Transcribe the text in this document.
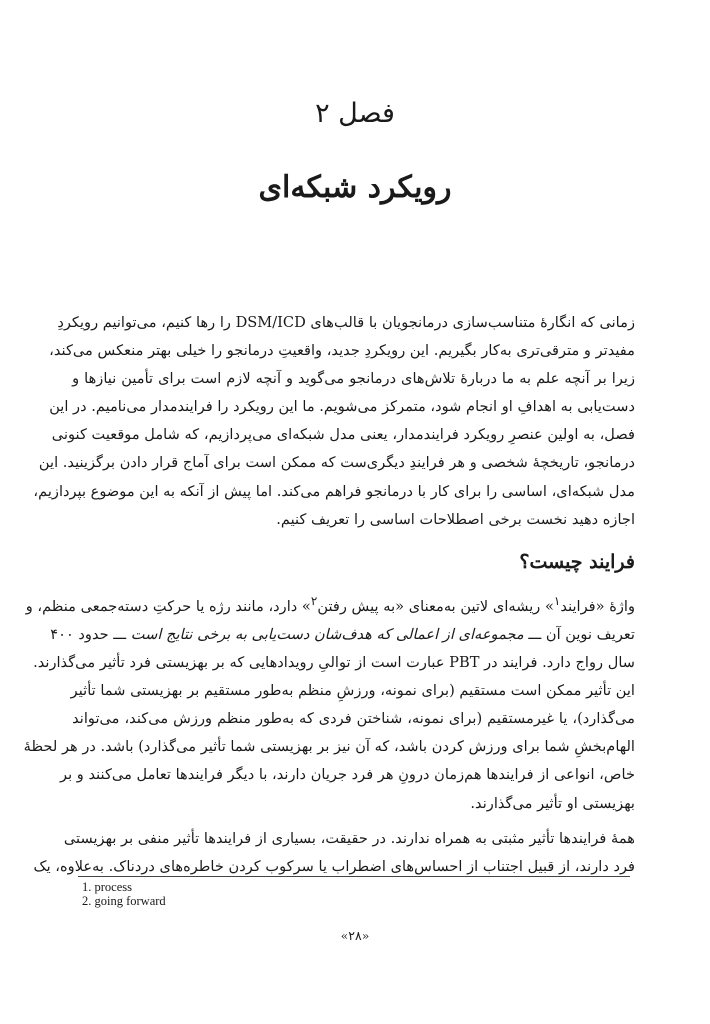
فصل ۲
رویکرد شبکه‌ای
زمانی که انگارهٔ متناسب‌سازی درمانجویان با قالب‌های DSM/ICD را رها کنیم، می‌توانیم رویکردِ
مفیدتر و مترقی‌تری به‌کار بگیریم. این رویکردِ جدید، واقعیتِ درمانجو را خیلی بهتر منعکس می‌کند،
زیرا بر آنچه علم به ما دربارهٔ تلاش‌های درمانجو می‌گوید و آنچه لازم است برای تأمین نیازها و
دست‌یابی به اهدافِ او انجام شود، متمرکز می‌شویم. ما این رویکرد را فرایندمدار می‌نامیم. در این
فصل، به اولین عنصرِ رویکرد فرایندمدار، یعنی مدل شبکه‌ای می‌پردازیم، که شامل موقعیت کنونی
درمانجو، تاریخچهٔ شخصی و هر فرایندِ دیگری‌ست که ممکن است برای آماج قرار دادن برگزینید. این
مدل شبکه‌ای، اساسی را برای کار با درمانجو فراهم می‌کند. اما پیش از آنکه به این موضوع بپردازیم،
اجازه دهید نخست برخی اصطلاحات اساسی را تعریف کنیم.
فرایند چیست؟
واژهٔ «فرایند$^۱$» ریشه‌ای لاتین به‌معنای «به پیش رفتن$^۲$» دارد، مانند رژه یا حرکتِ دسته‌جمعی منظم، و
تعریف نوین آن ـــ مجموعه‌ای از اعمالی که هدف‌شان دست‌یابی به برخی نتایج است ـــ حدود ۴۰۰
سال رواج دارد. فرایند در PBT عبارت است از توالیِ رویدادهایی که بر بهزیستی فرد تأثیر می‌گذارند.
این تأثیر ممکن است مستقیم (برای نمونه، ورزشِ منظم به‌طور مستقیم بر بهزیستی شما تأثیر
می‌گذارد)، یا غیرمستقیم (برای نمونه، شناختن فردی که به‌طور منظم ورزش می‌کند، می‌تواند
الهام‌بخشِ شما برای ورزش کردن باشد، که آن نیز بر بهزیستی شما تأثیر می‌گذارد) باشد. در هر لحظهٔ
خاص، انواعی از فرایندها هم‌زمان درونِ هر فرد جریان دارند، با دیگر فرایندها تعامل می‌کنند و بر
بهزیستی او تأثیر می‌گذارند.
همهٔ فرایندها تأثیر مثبتی به همراه ندارند. در حقیقت، بسیاری از فرایندها تأثیر منفی بر بهزیستی
فرد دارند، از قبیل اجتناب از احساس‌های اضطراب یا سرکوب کردن خاطره‌های دردناک. به‌علاوه، یک
1. process
2. going forward
«۲۸»
